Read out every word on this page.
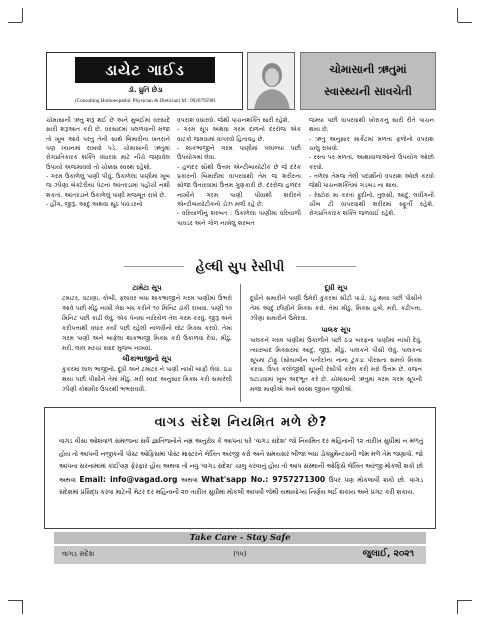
ડાયેટ ગાઈડ
ડૉ. ધ્રુતિ છેડા
(Consulting Homoeopathic Physician & Dietician) M : 9920795981
ચોમાસાની ઋતુમાં
સ્વાસ્થ્યની સાવચેતી

ચોમાસાની ઋતુ શરૂ થઈ છે અને મુંબઈમાં વરસાદે સારી શરૂઆત કરી છે. વરસાદમાં પલળવાની મજા તો ખૂબ આવે પરંતુ તેની સાથે બિમારીના ખતરાને પણ ધ્યાનમાં રાખવો પડે. ચોમાસાની ઋતુમાં રોગપ્રતિકારક શક્તિ વધારવા માટે નીચે જણાવેલ ઉપાયો અજમાવવો તો ચોક્કસ સ્વસ્થ રહેશો.
- ગરમ ઉકાળેલું પાણી પીવું. ઉકાળેલા પાણીમાં ખૂબ જ ઝીણા બેક્ટેરીયા પેટનાં આંતરડામાં પહોંચી નથી શકતાં. આંતરડાને ઉકાળેલું પાણી મજબૂત રાખે છે.
- હીંગ, જીરૂં, આદું અથવા સૂંઠ પાવડરનો

વપરાશ વધારવો. જેથી પાચનશક્તિ સારી રહેશે.
- ગરમ સૂપ અથવા ગરમ દાળનો દરરોજ એક વાટકો જમવામાં વાપરવો હિતાવહ છે.
- શાકભાજીને ગરમ પાણીમાં પલાળ્યા પછી ઉપયોગમાં લેવા.
- હળદર સૌથી ઉત્તમ એન્ટીબાયોટીક છે જે દરેક પ્રકારની બિમારીમાં વાપરવાથી તેમ જ શરીરના સોજા ઉતારવામાં ઉત્તમ ગુણકારી છે. દરરોજ હળદર નાખીને ગરમ પાણી પીવાથી શરીરને એન્ટીબાયોટીકનો ડોઝ મળી રહે છે.
- વરિયાળીનું શરબત : ઉકાળેલા પાણીમાં વરિયાળી પાવડર અને ગોળ નાખેલું શરબત

જમ્યા પછી વાપરવાથી ખોરાકનું સારી રીતે પાચન થાય છે.
- ઋતુ અનુસાર માર્કેટમાં મળતા ફળોનો વપરાશ ચાલુ રાખવો.
- રસ્તા પર મળતાં, આથાવાળાંઓનો ઉપયોગ ઓછો કરવો.
- તળેલા તેમજ તેલી પદાર્થોનો વપરાશ ઓછો કરવો જેથી પાચનશક્તિમાં ગડબડ ના થાય.
- રેસ્ટોરાં મા કરતાં ફુદીનો, તુલસી, આદું, લવીંગની ચીંબ ટી વાપરવાથી શરીરમાં સ્ફૂર્તી રહેશે. રોગપ્રતિકારક શક્તિ જળવાઈ રહેશે.

હેલ્ધી સુપ રેસીપી
ટામેટા સૂપ
ટમાટર, વટાણા, કોબી, ફ્લાવર બધા શાકભાજીને ગરમ પાણીમાં ઉભરો આવે પછી મીઠું નાખી ગેસ બંધ કરીને ૧૦ મિનિટ ઢાંકી રાખવા. પાણી ૧૦ મિનિટ પછી કાઢી લેવું. એક પેનમાં નારિયેળ તેલ ગરમ કરવું. જીરૂં અને કરીપત્તાથી વઘાર કર્યા પછી રહેલી નાળવીનો લોટ મિક્સ કરવો. તેમાં ગરમ પાણી અને બાફેલા શાકભાજી મિક્સ કરી ઉકાળવા દેવા, મીઠું, મરી, લાલ મરચાં સ્વાદ મુજબ નાખવાં.
લૌકાભાજીનો સૂપ
કુકરમાં લાલ ભાજીનો, દૂધી અને ટમાટર ને પાણી નાખી બાફી લેવાં. ઠંડા થયા પછી પીસીને તેમાં મીઠું, મરી સ્વાદ અનુસાર મિક્સ કરી સમારેલી ઝીણી કોથમીર ઉપરથી ભભરાવવી.
દૂધી સૂપ
દૂધીને સમારીને પાણી ઉમેરી કુકરમાં સીટી પાડો. ઠંડું થયા પછી પીસીને તેમાં આદું છીણીને મિક્સ કરો. તેમાં મીઠું, મિક્સ હર્બ, મરી, કઢીપત્તા, ઝીણા સમારીને ઉમેરવા.
પાલક સૂપ
પાલકને ગરમ પાણીમાં ઉકાળીને પછી ઠંડા બરફના પાણીમાં નાખી દેવું. ત્યારબાદ મિક્સરમાં આદું, જીરૂં, મીઠું, પાલકને પીસી લેવું. પાલકના સૂપમાં ટોફુ (સોયાબીન પનીર)ના નાના ટુકડા પીરસતા સમયે મિક્સ કરવા. ઉપર કલોંજીથી સૂપની રેસીપી કરેલ કરી મરો ઉત્તમ છે. વજન ઘટાડવામાં ખૂબ અદ્ભૂત કરે છે. ચોમાસાની ઋતુમાં ગરમ ગરમ સૂપની મજા માણીએ અને સ્વસ્થ જીવન જીવીએ.
વાગડ સંદેશ નિયમિત મળે છે?
વાગડ વીસા ઓશવાળ સમાજના સર્વે જ્ઞાતિજનોને નમ્ર અનુરોધ કે આપના ઘરે 'વાગડ સંદેશ' જો નિયમિત દર મહિનાની ૧૨ તારીખ સુધીમાં ન મળતું હોય તો આપની નજીકની પોસ્ટ ઓફિસમાં પોસ્ટ માસ્ટરને લેખિત અરજી કરો અને સમયસર બીજા બધા ડોક્યુમેન્ટસની જેમ મળે તેમ જણાવો. જો આપના સરનામામાં કાંઈપણ ફેરફાર હોય અથવા તો નવું 'વાગડ સંદેશ' ચાલુ કરવાનું હોય તો આપ સંસ્થાની ઓફિસે લેખિત અરજી મોકલી શકો છો અથવા Email: info@vagad.org અથવા What'sapp No.: 9757271300 ઉપર પણ મોકલાવી શકો છો. વાગડ સંદેશમાં પ્રસિદ્ધ કરવા માટેની મેટર દર મહિનાની ૨૦ તારીખ સુધીમાં મોકલી આપવી જેથી યથાયોગ્ય નિર્ણય લઈ શકાય અને પ્રગટ કરી શકાય.
Take Care - Stay Safe
(૧૫)
વાગડ સંદેશ	જુલાઈ, ૨૦૨૧
